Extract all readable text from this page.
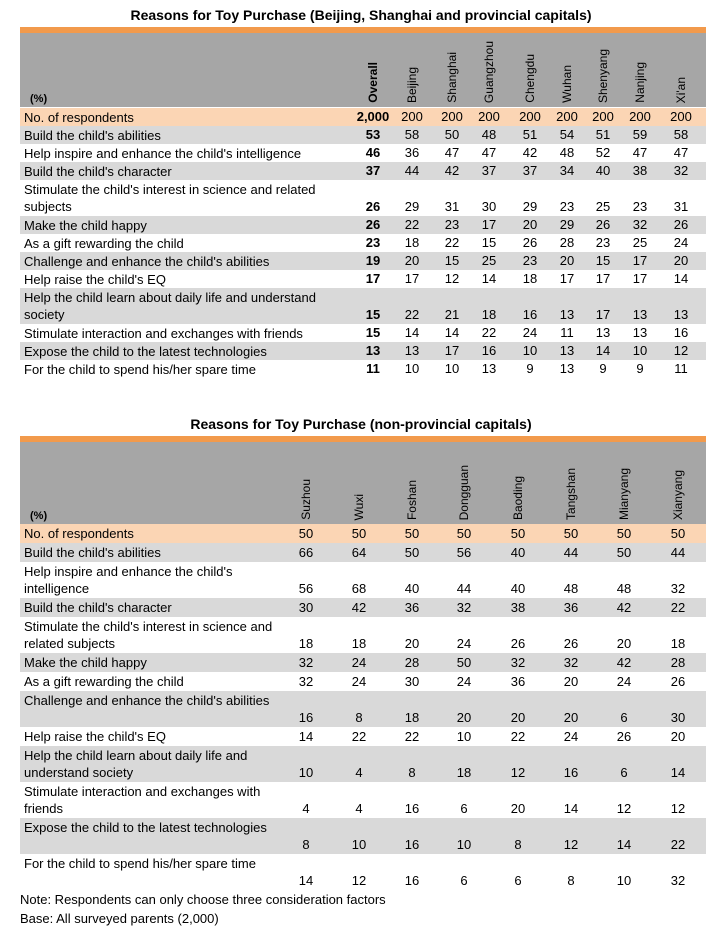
Reasons for Toy Purchase (Beijing, Shanghai and provincial capitals)
(%)	Overall Beijing Shanghai Guangzhou Chengdu Wuhan Shenyang Nanjing Xi'an
No. of respondents	2,000 200	200	200	200	200	200	200	200
Build the child's abilities	53	58	50	48	51	54	51	59	58
Help inspire and enhance the child's intelligence	46	36	47	47	42	48	52	47	47
Build the child's character	37	44	42	37	37	34	40	38	32
Stimulate the child's interest in science and related subjects	26	29	31	30	29	23	25	23	31
Make the child happy	26	22	23	17	20	29	26	32	26
As a gift rewarding the child	23	18	22	15	26	28	23	25	24
Challenge and enhance the child's abilities	19	20	15	25	23	20	15	17	20
Help raise the child's EQ	17	17	12	14	18	17	17	17	14
Help the child learn about daily life and understand society	15	22	21	18	16	13	17	13	13
Stimulate interaction and exchanges with friends	15	14	14	22	24	11	13	13	16
Expose the child to the latest technologies	13	13	17	16	10	13	14	10	12
For the child to spend his/her spare time	11	10	10	13	9	13	9	9	11
Reasons for Toy Purchase (non-provincial capitals)
(%)	Suzhou	Wuxi	Foshan	Dongguan	Baoding	Tangshan	Mianyang	Xianyang
No. of respondents	50	50	50	50	50	50	50	50
Build the child's abilities	66	64	50	56	40	44	50	44
Help inspire and enhance the child's intelligence	56	68	40	44	40	48	48	32
Build the child's character	30	42	36	32	38	36	42	22
Stimulate the child's interest in science and related subjects	18	18	20	24	26	26	20	18
Make the child happy	32	24	28	50	32	32	42	28
As a gift rewarding the child	32	24	30	24	36	20	24	26
Challenge and enhance the child's abilities
16	8	18	20	20	20	6	30
Help raise the child's EQ	14	22	22	10	22	24	26	20
Help the child learn about daily life and understand society	10	4	8	18	12	16	6	14
Stimulate interaction and exchanges with friends	4	4	16	6	20	14	12	12
Expose the child to the latest technologies
8	10	16	10	8	12	14	22
For the child to spend his/her spare time
14	12	16	6	6	8	10	32
Note: Respondents can only choose three consideration factors
Base: All surveyed parents (2,000)
